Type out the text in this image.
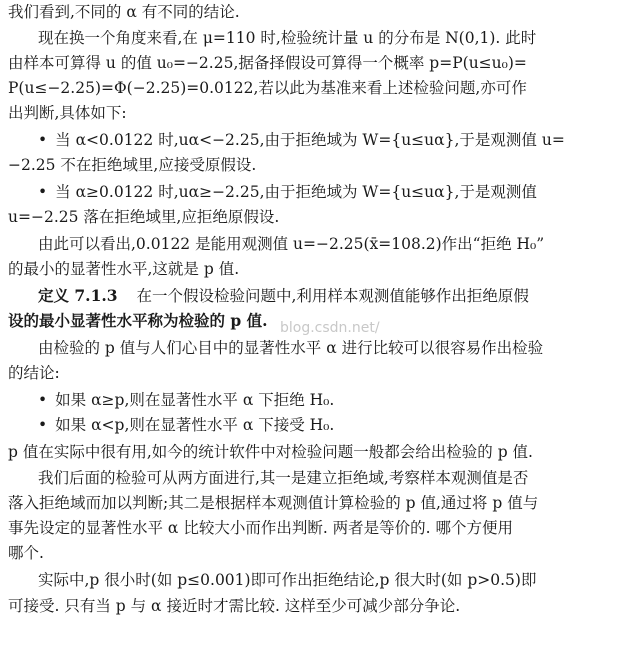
我们看到,不同的 α 有不同的结论.
现在换一个角度来看,在 μ=110 时,检验统计量 u 的分布是 N(0,1). 此时
由样本可算得 u 的值 u₀=−2.25,据备择假设可算得一个概率 p=P(u≤u₀)=
P(u≤−2.25)=Φ(−2.25)=0.0122,若以此为基准来看上述检验问题,亦可作
出判断,具体如下:
• 当 α<0.0122 时,uα<−2.25,由于拒绝域为 W={u≤uα},于是观测值 u=
−2.25 不在拒绝域里,应接受原假设.
• 当 α≥0.0122 时,uα≥−2.25,由于拒绝域为 W={u≤uα},于是观测值
u=−2.25 落在拒绝域里,应拒绝原假设.
由此可以看出,0.0122 是能用观测值 u=−2.25(x̄=108.2)作出“拒绝 H₀”
的最小的显著性水平,这就是 p 值.
定义 7.1.3 在一个假设检验问题中,利用样本观测值能够作出拒绝原假
设的最小显著性水平称为检验的 p 值.
由检验的 p 值与人们心目中的显著性水平 α 进行比较可以很容易作出检验
的结论:
• 如果 α≥p,则在显著性水平 α 下拒绝 H₀.
• 如果 α<p,则在显著性水平 α 下接受 H₀.
p 值在实际中很有用,如今的统计软件中对检验问题一般都会给出检验的 p 值.
我们后面的检验可从两方面进行,其一是建立拒绝域,考察样本观测值是否
落入拒绝域而加以判断;其二是根据样本观测值计算检验的 p 值,通过将 p 值与
事先设定的显著性水平 α 比较大小而作出判断. 两者是等价的. 哪个方便用
哪个.
实际中,p 很小时(如 p≤0.001)即可作出拒绝结论,p 很大时(如 p>0.5)即
可接受. 只有当 p 与 α 接近时才需比较. 这样至少可减少部分争论.
blog.csdn.net/
